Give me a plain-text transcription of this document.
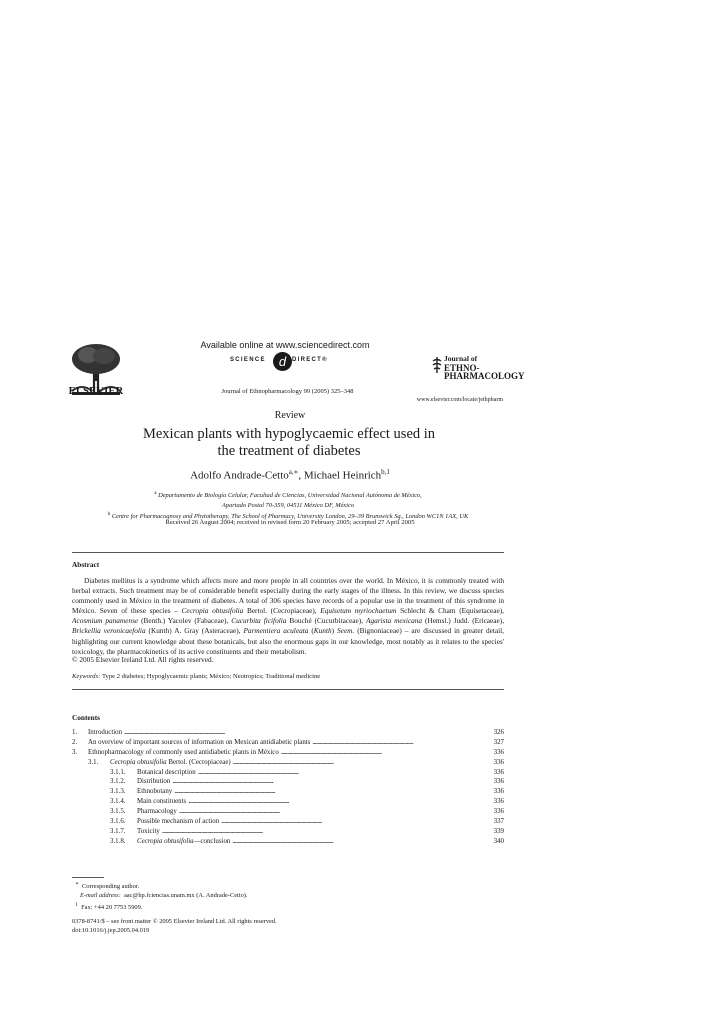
ELSEVIER
Available online at www.sciencedirect.com
SCIENCE	d DIRECT®
Journal of Ethnopharmacology 99 (2005) 325–348
Journal of
ETHNO-
PHARMACOLOGY
www.elsevier.com/locate/jethpharm
Review
Mexican plants with hypoglycaemic effect used in
the treatment of diabetes
Adolfo Andrade-Cetto$^{a,∗}$, Michael Heinrich$^{b,1}$
$^a$ Departamento de Biología Celular, Facultad de Ciencias, Universidad Nacional Autónoma de México,
Apartado Postal 70-359, 04511 México DF, México
$^b$ Centre for Pharmacognosy and Phytotherapy, The School of Pharmacy, University London, 29–39 Brunswick Sq., London WC1N 1AX, UK
Received 26 August 2004; received in revised form 20 February 2005; accepted 27 April 2005
Abstract

Diabetes mellitus is a syndrome which affects more and more people in all countries over the world. In México, it is commonly treated with herbal extracts. Such treatment may be of considerable benefit especially during the early stages of the illness. In this review, we discuss species commonly used in México in the treatment of diabetes. A total of 306 species have records of a popular use in the treatment of this syndrome in México. Seven of these species – Cecropia obtusifolia Bertol. (Cecropiaceae), Equisetum myriochaetum Schlecht & Cham (Equisetaceae), Acosmium panamense (Benth.) Yacolev (Fabaceae), Cucurbita ficifolia Bouché (Cucurbitaceae), Agarista mexicana (Hemsl.) Judd. (Ericaeae), Brickellia veronicaefolia (Kunth) A. Gray (Asteraceae), Parmentiera aculeata (Kunth) Seem. (Bignoniaceae) – are discussed in greater detail, highlighting our current knowledge about these botanicals, but also the enormous gaps in our knowledge, most notably as it relates to the species' toxicology, the pharmacokinetics of its active constituents and their metabolism.

© 2005 Elsevier Ireland Ltd. All rights reserved.
Keywords: Type 2 diabetes; Hypoglycaemic plants; México; Neotropics; Traditional medicine
Contents
1.	Introduction . . .	326
2.	An overview of important sources of information on Mexican antidiabetic plants . . .	327
3.	Ethnopharmacology of commonly used antidiabetic plants in México . . .	336
3.1.	Cecropia obtusifolia Bertol. (Cecropiaceae) . . .	336
3.1.1.	Botanical description . . .	336
3.1.2.	Distribution . . .	336
3.1.3.	Ethnobotany . . .	336
3.1.4.	Main constituents . . .	336
3.1.5.	Pharmacology . . .	336
3.1.6.	Possible mechanism of action . . .	337
3.1.7.	Toxicity . . .	339
3.1.8.	Cecropia obtusifolia—conclusion . . .	340
∗ Corresponding author.
E-mail address: aac@hp.fciencias.unam.mx (A. Andrade-Cetto).
$^1$ Fax: +44 20 7753 5909.
0378-8741/$ – see front matter © 2005 Elsevier Ireland Ltd. All rights reserved.
doi:10.1016/j.jep.2005.04.019
